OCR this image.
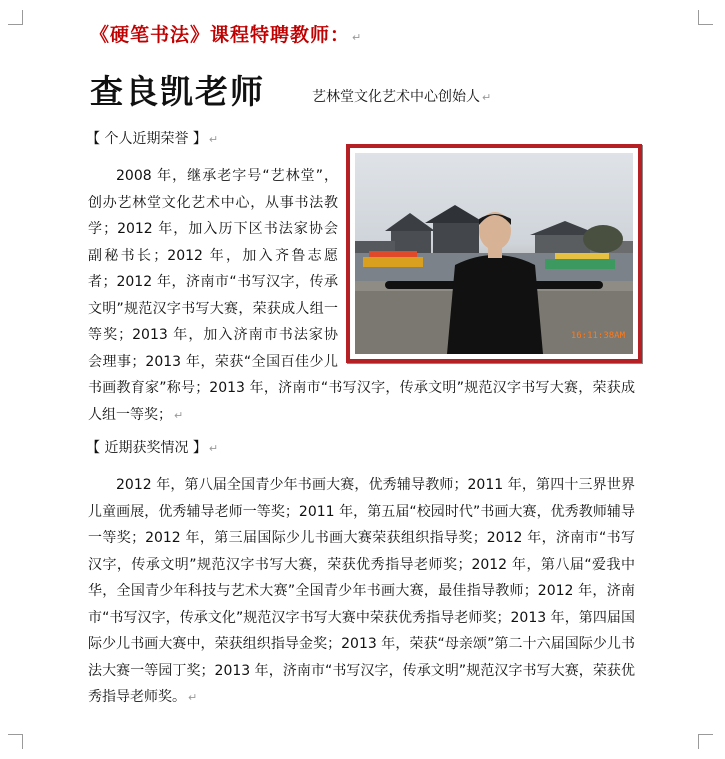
《硬笔书法》课程特聘教师： ↵
查良凯老师	艺林堂文化艺术中心创始人 ↵
【 个人近期荣誉 】 ↵
16:11:38AM
2008 年，继承老字号“艺林堂”，创办艺林堂文化艺术中心，从事书法教学；2012 年，加入历下区书法家协会副秘书长；2012 年，加入齐鲁志愿者；2012 年，济南市“书写汉字，传承文明”规范汉字书写大赛，荣获成人组一等奖；2013 年，加入济南市书法家协会理事；2013 年，荣获“全国百佳少儿书画教育家”称号；2013 年，济南市“书写汉字，传承文明”规范汉字书写大赛，荣获成人组一等奖； ↵
【 近期获奖情况 】 ↵
2012 年，第八届全国青少年书画大赛，优秀辅导教师；2011 年，第四十三界世界儿童画展，优秀辅导老师一等奖；2011 年，第五届“校园时代”书画大赛，优秀教师辅导一等奖；2012 年，第三届国际少儿书画大赛荣获组织指导奖；2012 年，济南市“书写汉字，传承文明”规范汉字书写大赛，荣获优秀指导老师奖；2012 年，第八届“爱我中华，全国青少年科技与艺术大赛”全国青少年书画大赛，最佳指导教师；2012 年，济南市“书写汉字，传承文化”规范汉字书写大赛中荣获优秀指导老师奖；2013 年，第四届国际少儿书画大赛中，荣获组织指导金奖；2013 年，荣获“母亲颂”第二十六届国际少儿书法大赛一等园丁奖；2013 年，济南市“书写汉字，传承文明”规范汉字书写大赛，荣获优秀指导老师奖。 ↵
